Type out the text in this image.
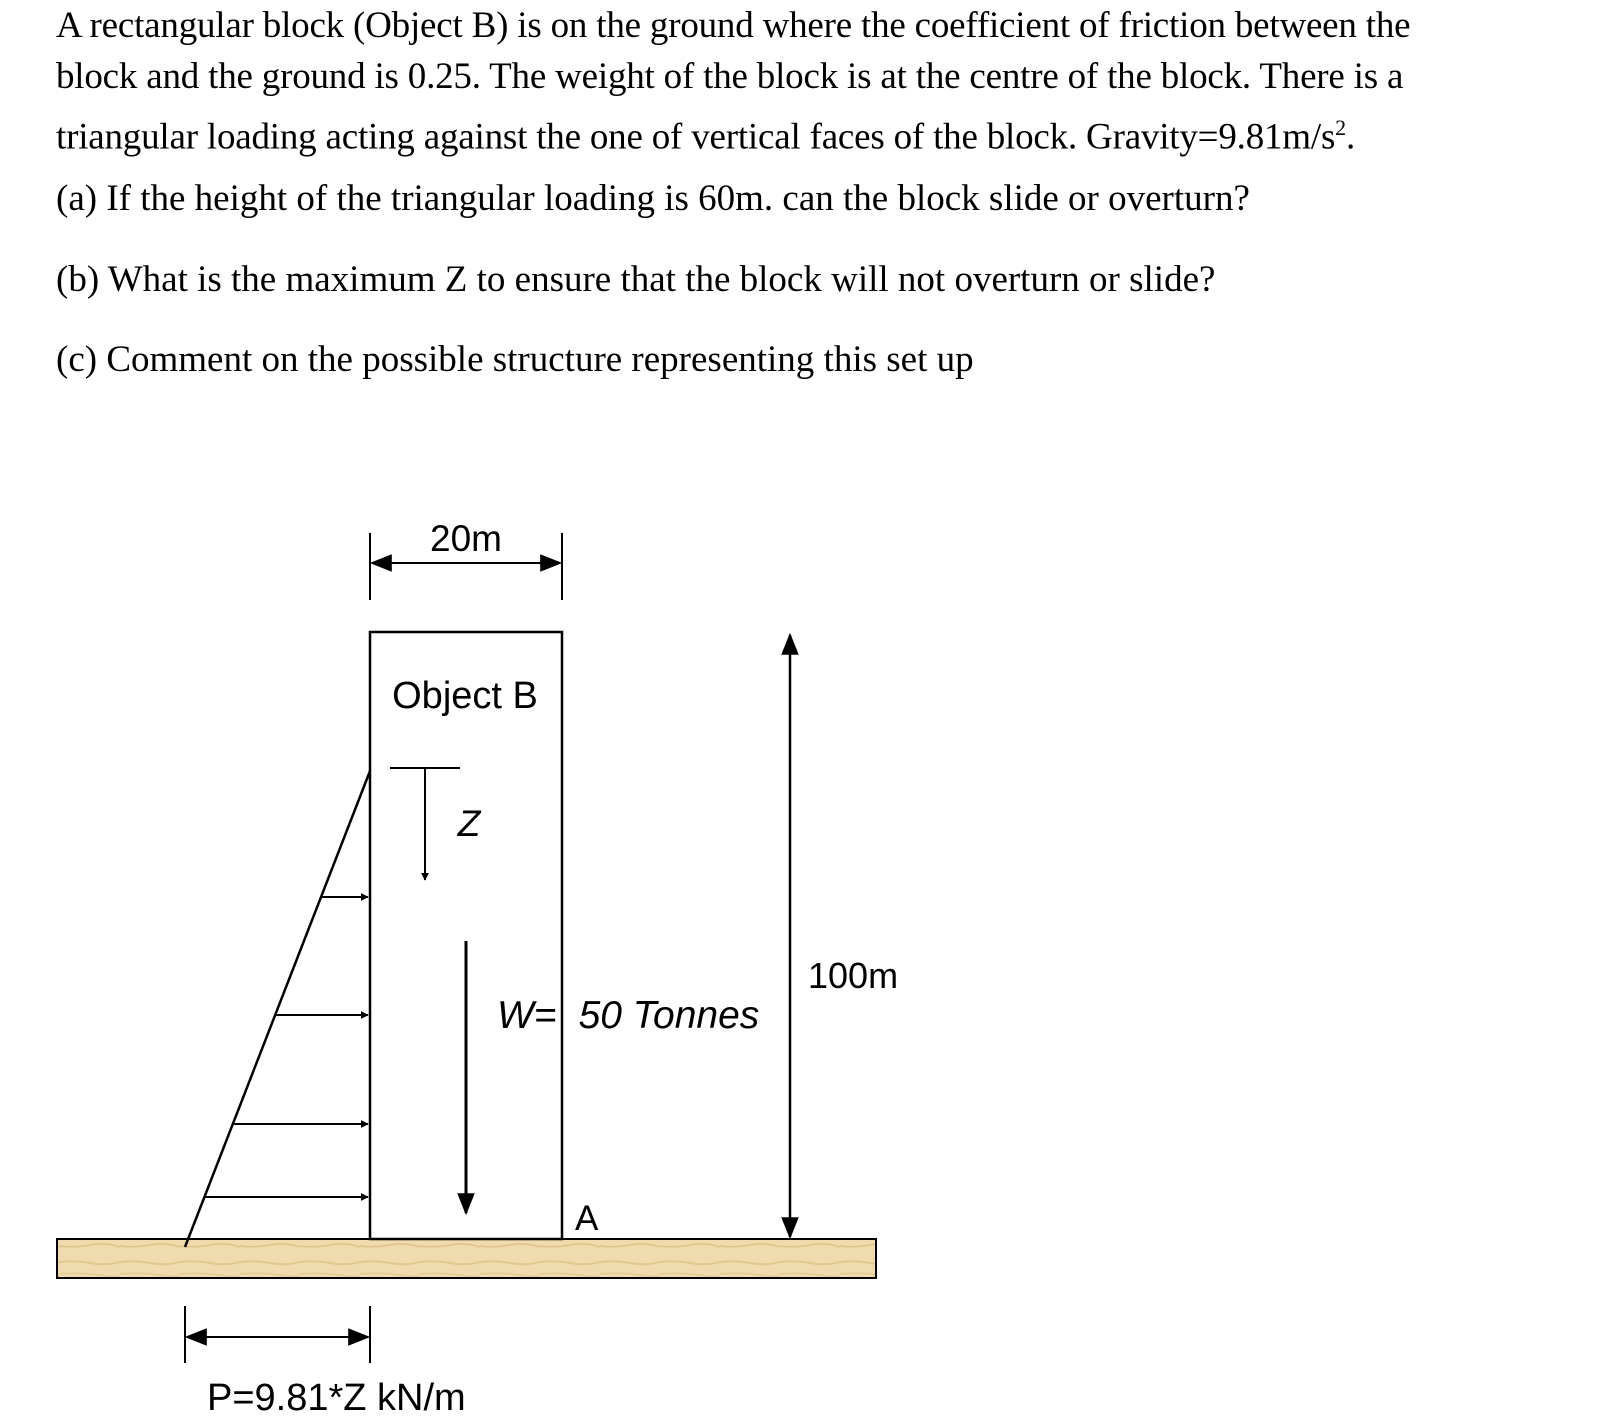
A rectangular block (Object B) is on the ground where the coefficient of friction between the
block and the ground is 0.25. The weight of the block is at the centre of the block. There is a
triangular loading acting against the one of vertical faces of the block. $Gravity=9.81m/s^2$.

(a) If the height of the triangular loading is 60m. can the block slide or overturn?

(b) What is the maximum Z to ensure that the block will not overturn or slide?

(c) Comment on the possible structure representing this set up

20m
Object B
Z
W= 50 Tonnes
A
100m
P=9.81*Z kN/m
